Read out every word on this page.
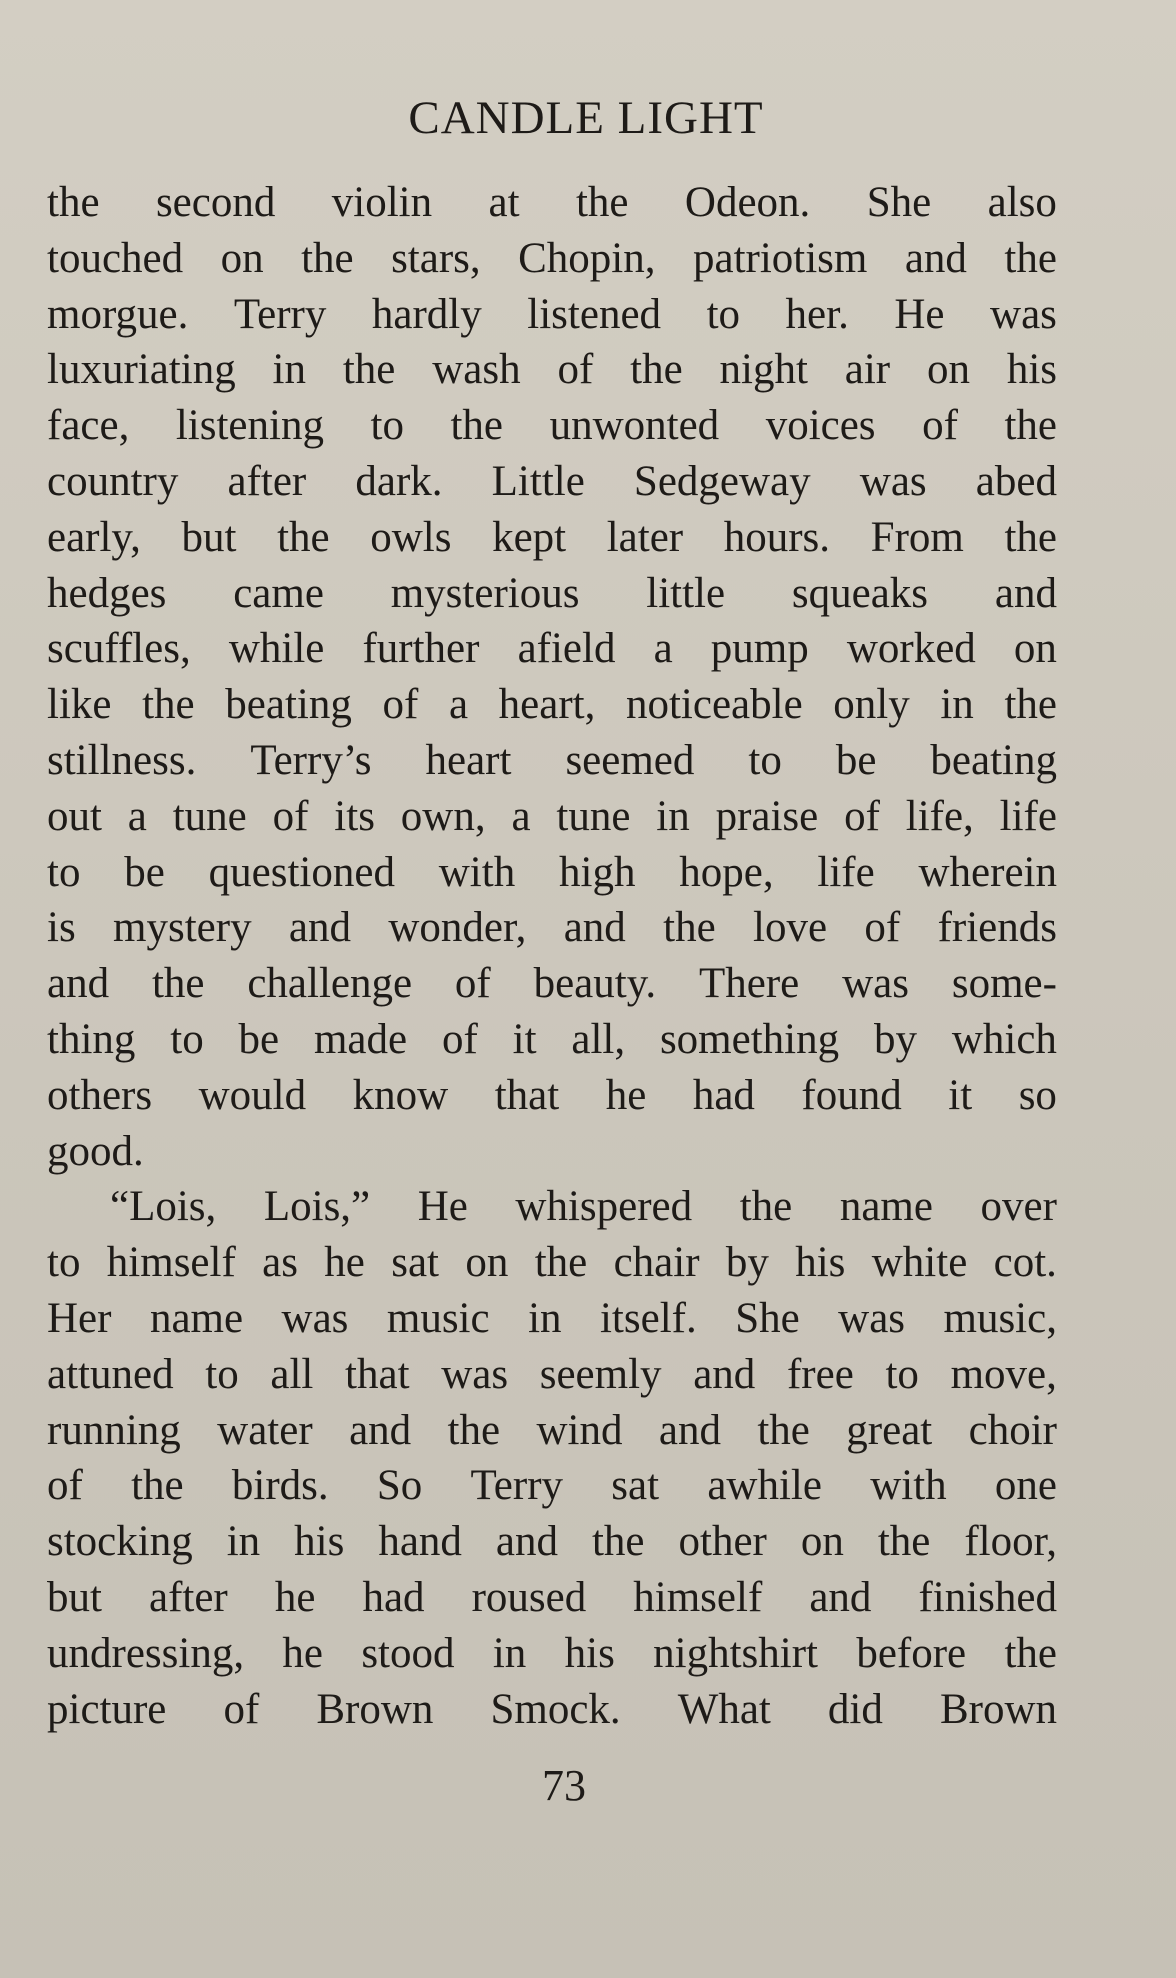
CANDLE LIGHT
the second violin at the Odeon. She also
touched on the stars, Chopin, patriotism and the
morgue. Terry hardly listened to her. He was
luxuriating in the wash of the night air on his
face, listening to the unwonted voices of the
country after dark. Little Sedgeway was abed
early, but the owls kept later hours. From the
hedges came mysterious little squeaks and
scuffles, while further afield a pump worked on
like the beating of a heart, noticeable only in the
stillness. Terry’s heart seemed to be beating
out a tune of its own, a tune in praise of life, life
to be questioned with high hope, life wherein
is mystery and wonder, and the love of friends
and the challenge of beauty. There was some-
thing to be made of it all, something by which
others would know that he had found it so
good.
“Lois, Lois,” He whispered the name over
to himself as he sat on the chair by his white cot.
Her name was music in itself. She was music,
attuned to all that was seemly and free to move,
running water and the wind and the great choir
of the birds. So Terry sat awhile with one
stocking in his hand and the other on the floor,
but after he had roused himself and finished
undressing, he stood in his nightshirt before the
picture of Brown Smock. What did Brown
73
